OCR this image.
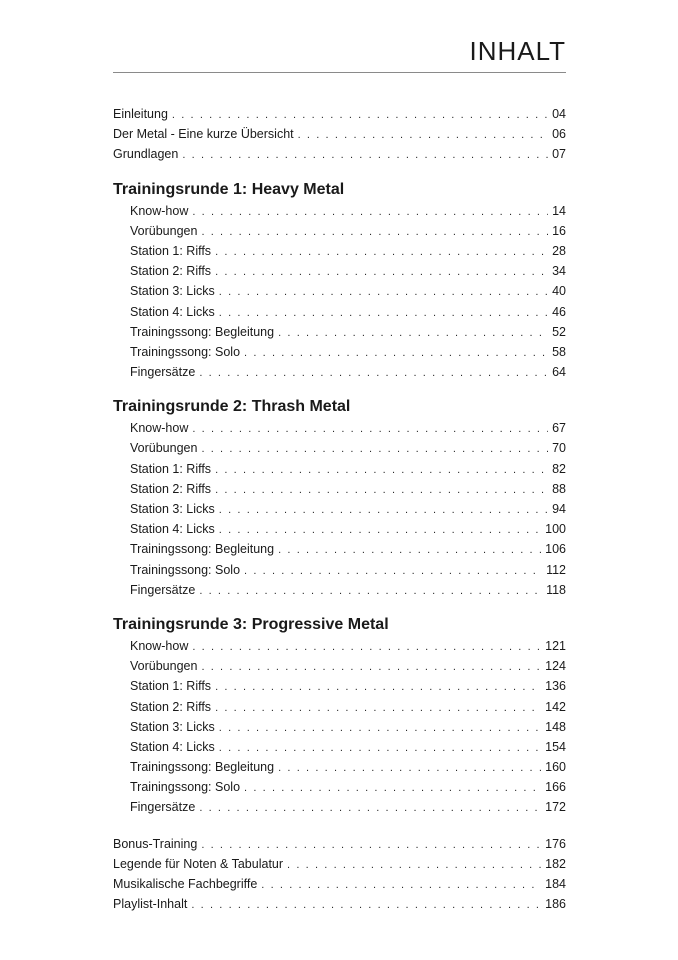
INHALT
Einleitung . . .	04
Der Metal - Eine kurze Übersicht . . .	06
Grundlagen . . .	07
Trainingsrunde 1: Heavy Metal
Know-how . . .	14
Vorübungen . . .	16
Station 1: Riffs . . .	28
Station 2: Riffs . . .	34
Station 3: Licks . . .	40
Station 4: Licks . . .	46
Trainingssong: Begleitung . . .	52
Trainingssong: Solo . . .	58
Fingersätze . . .	64
Trainingsrunde 2: Thrash Metal
Know-how . . .	67
Vorübungen . . .	70
Station 1: Riffs . . .	82
Station 2: Riffs . . .	88
Station 3: Licks . . .	94
Station 4: Licks . . .	100
Trainingssong: Begleitung . . .	106
Trainingssong: Solo . . .	112
Fingersätze . . .	118
Trainingsrunde 3: Progressive Metal
Know-how . . .	121
Vorübungen . . .	124
Station 1: Riffs . . .	136
Station 2: Riffs . . .	142
Station 3: Licks . . .	148
Station 4: Licks . . .	154
Trainingssong: Begleitung . . .	160
Trainingssong: Solo . . .	166
Fingersätze . . .	172
Bonus-Training . . .	176
Legende für Noten & Tabulatur . . .	182
Musikalische Fachbegriffe . . .	184
Playlist-Inhalt . . .	186
